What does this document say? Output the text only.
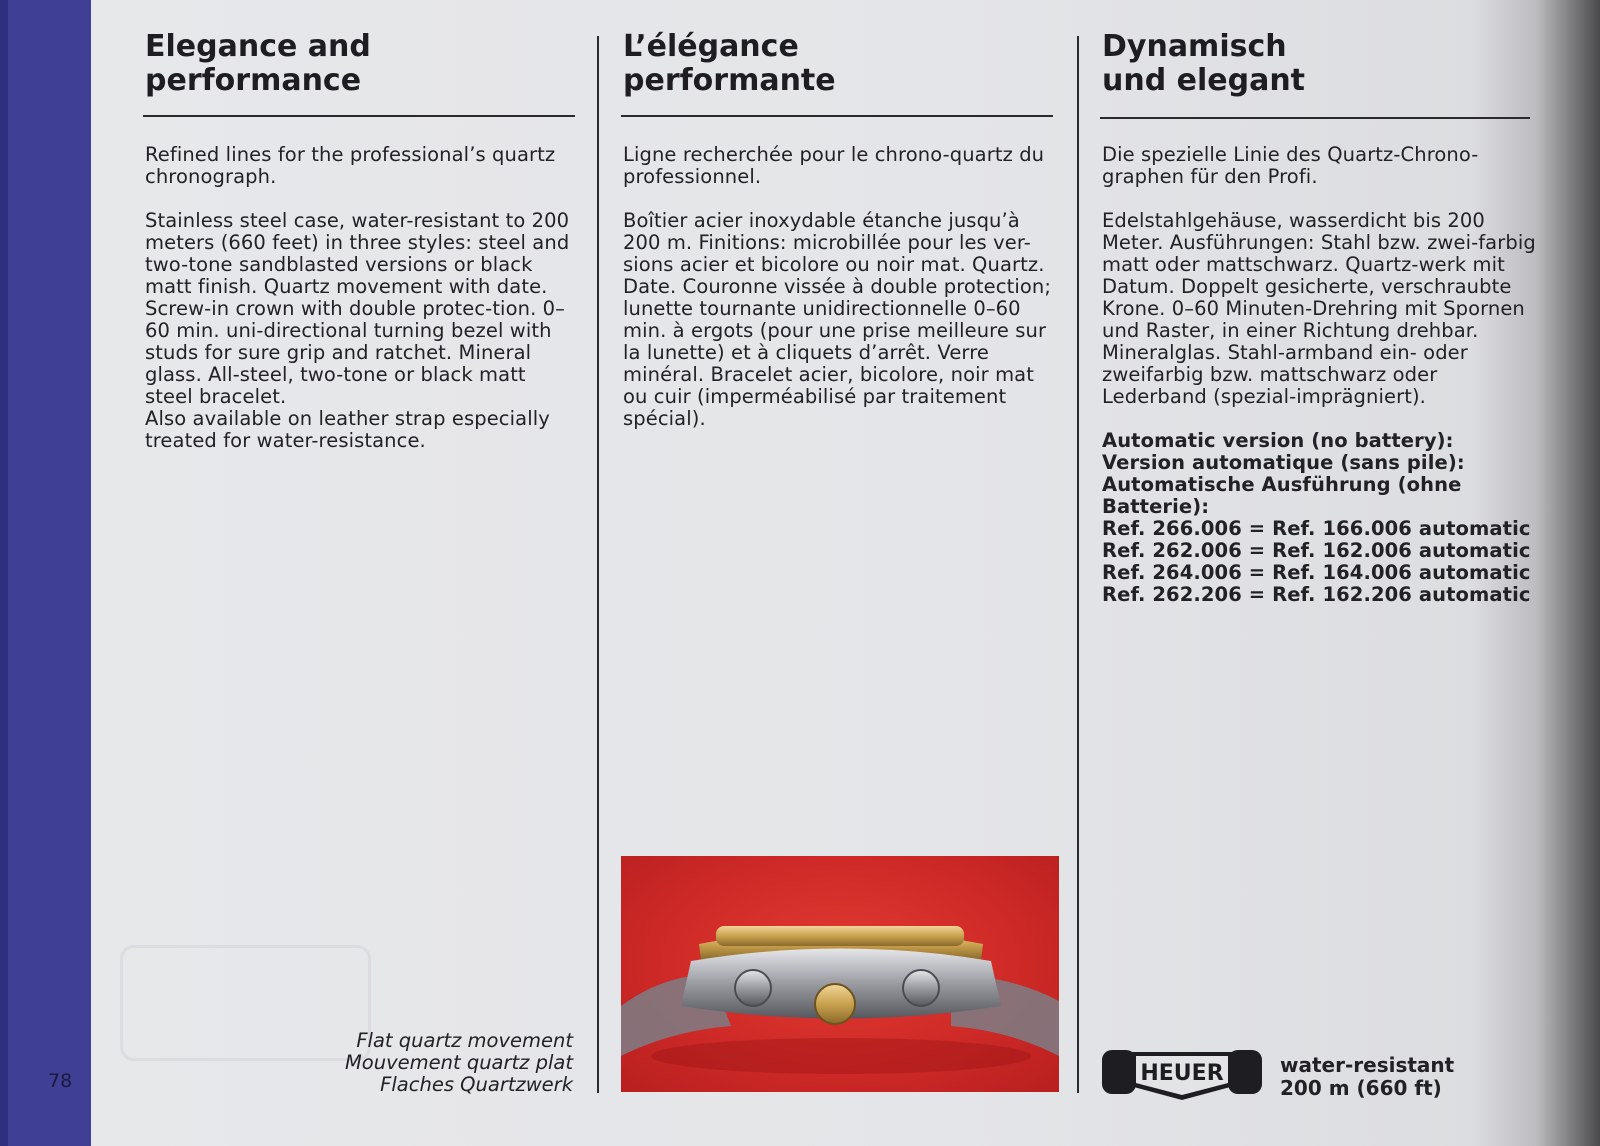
78
Elegance and
performance

Refined lines for the professional’s quartz chronograph.

Stainless steel case, water-resistant to 200 meters (660 feet) in three styles: steel and two-tone sandblasted versions or black matt finish. Quartz movement with date. Screw-in crown with double protec-tion. 0–60 min. uni-directional turning bezel with studs for sure grip and ratchet. Mineral glass. All-steel, two-tone or black matt steel bracelet.

Also available on leather strap especially treated for water-resistance.

L’élégance
performante

Ligne recherchée pour le chrono-quartz du professionnel.

Boîtier acier inoxydable étanche jusqu’à 200 m. Finitions: microbillée pour les ver-sions acier et bicolore ou noir mat. Quartz. Date. Couronne vissée à double protection; lunette tournante unidirectionnelle 0–60 min. à ergots (pour une prise meilleure sur la lunette) et à cliquets d’arrêt. Verre minéral. Bracelet acier, bicolore, noir mat ou cuir (imperméabilisé par traitement spécial).

Dynamisch
und elegant

Die spezielle Linie des Quartz-Chrono-graphen für den Profi.

Edelstahlgehäuse, wasserdicht bis 200 Meter. Ausführungen: Stahl bzw. zwei-farbig matt oder mattschwarz. Quartz-werk mit Datum. Doppelt gesicherte, verschraubte Krone. 0–60 Minuten-Drehring mit Spornen und Raster, in einer Richtung drehbar. Mineralglas. Stahl-armband ein- oder zweifarbig bzw. mattschwarz oder Lederband (spezial-imprägniert).

Automatic version (no battery):

Version automatique (sans pile):

Automatische Ausführung (ohne Batterie):

Ref. 266.006 = Ref. 166.006 automatic

Ref. 262.006 = Ref. 162.006 automatic

Ref. 264.006 = Ref. 164.006 automatic

Ref. 262.206 = Ref. 162.206 automatic

Flat quartz movement
Mouvement quartz plat
Flaches Quartzwerk	HEUER	water-resistant
200 m (660 ft)
